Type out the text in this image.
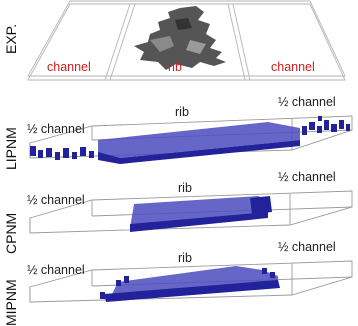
EXP.
channel	rib	channel
LIPNM ½ channel
rib
½ channel
CPNM
½ channel
rib
½ channel
MIPNM
½ channel
rib
½ channel
